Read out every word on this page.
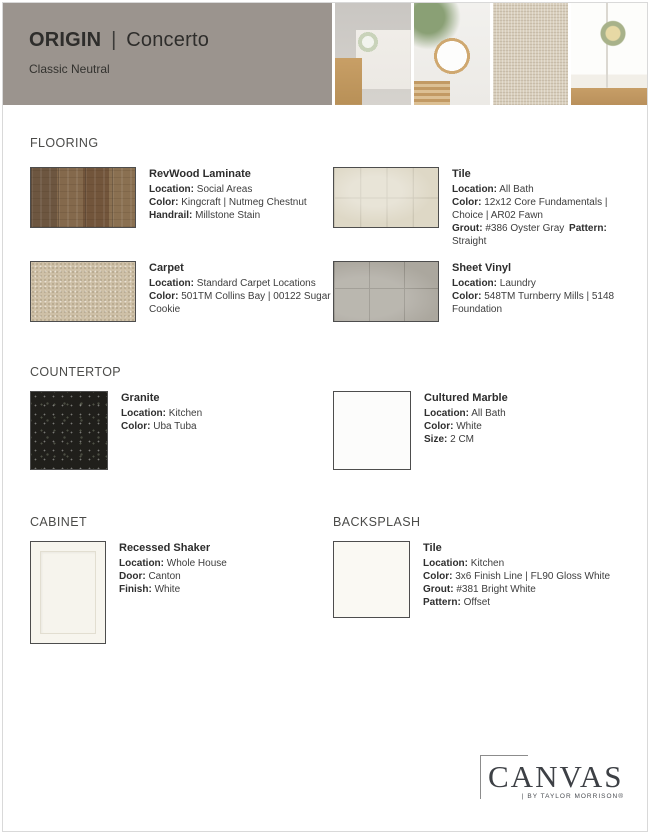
ORIGIN | Concerto
Classic Neutral
FLOORING
RevWood Laminate
Location: Social Areas
Color: Kingcraft | Nutmeg Chestnut
Handrail: Millstone Stain
Tile
Location: All Bath
Color: 12x12 Core Fundamentals | Choice | AR02 Fawn
Grout: #386 Oyster Gray Pattern: Straight
Carpet
Location: Standard Carpet Locations
Color: 501TM Collins Bay | 00122 Sugar Cookie
Sheet Vinyl
Location: Laundry
Color: 548TM Turnberry Mills | 5148 Foundation
COUNTERTOP
Granite
Location: Kitchen
Color: Uba Tuba
Cultured Marble
Location: All Bath
Color: White
Size: 2 CM
CABINET	BACKSPLASH
Recessed Shaker
Location: Whole House
Door: Canton
Finish: White
Tile
Location: Kitchen
Color: 3x6 Finish Line | FL90 Gloss White
Grout: #381 Bright White
Pattern: Offset
CANVAS
| BY TAYLOR MORRISON®
